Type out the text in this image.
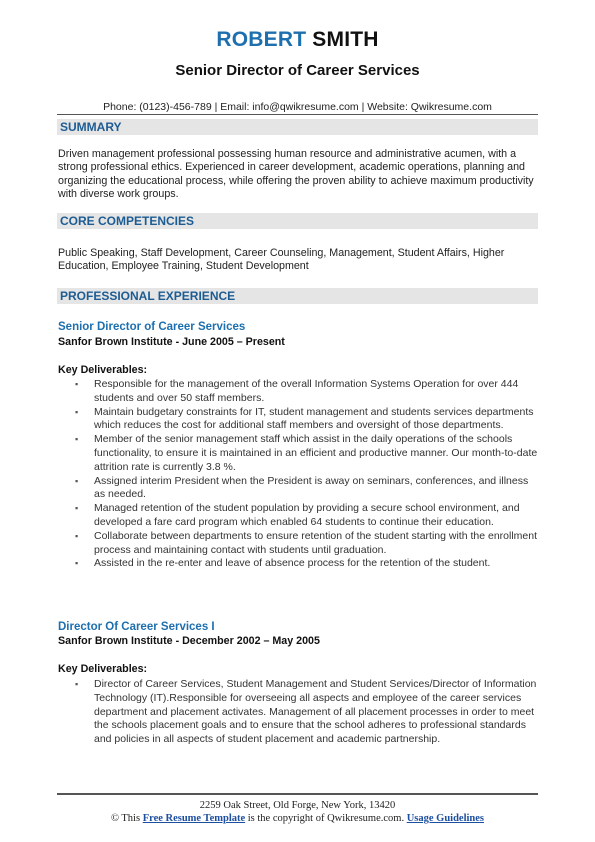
ROBERT SMITH
Senior Director of Career Services
Phone: (0123)-456-789 | Email: info@qwikresume.com | Website: Qwikresume.com
SUMMARY
Driven management professional possessing human resource and administrative acumen, with a strong professional ethics. Experienced in career development, academic operations, planning and organizing the educational process, while offering the proven ability to achieve maximum productivity with diverse work groups.
CORE COMPETENCIES
Public Speaking, Staff Development, Career Counseling, Management, Student Affairs, Higher Education, Employee Training, Student Development
PROFESSIONAL EXPERIENCE
Senior Director of Career Services
Sanfor Brown Institute - June 2005 – Present
Key Deliverables:
▪ Responsible for the management of the overall Information Systems Operation for over 444 students and over 50 staff members.
▪ Maintain budgetary constraints for IT, student management and students services departments which reduces the cost for additional staff members and oversight of those departments.
▪ Member of the senior management staff which assist in the daily operations of the schools functionality, to ensure it is maintained in an efficient and productive manner. Our month-to-date attrition rate is currently 3.8 %.
▪ Assigned interim President when the President is away on seminars, conferences, and illness as needed.
▪ Managed retention of the student population by providing a secure school environment, and developed a fare card program which enabled 64 students to continue their education.
▪ Collaborate between departments to ensure retention of the student starting with the enrollment process and maintaining contact with students until graduation.
▪ Assisted in the re-enter and leave of absence process for the retention of the student.
Director Of Career Services I
Sanfor Brown Institute - December 2002 – May 2005
Key Deliverables:
▪ Director of Career Services, Student Management and Student Services/Director of Information Technology (IT).Responsible for overseeing all aspects and employee of the career services department and placement activates. Management of all placement processes in order to meet the schools placement goals and to ensure that the school adheres to professional standards and policies in all aspects of student placement and academic partnership.
2259 Oak Street, Old Forge, New York, 13420
© This Free Resume Template is the copyright of Qwikresume.com. Usage Guidelines
